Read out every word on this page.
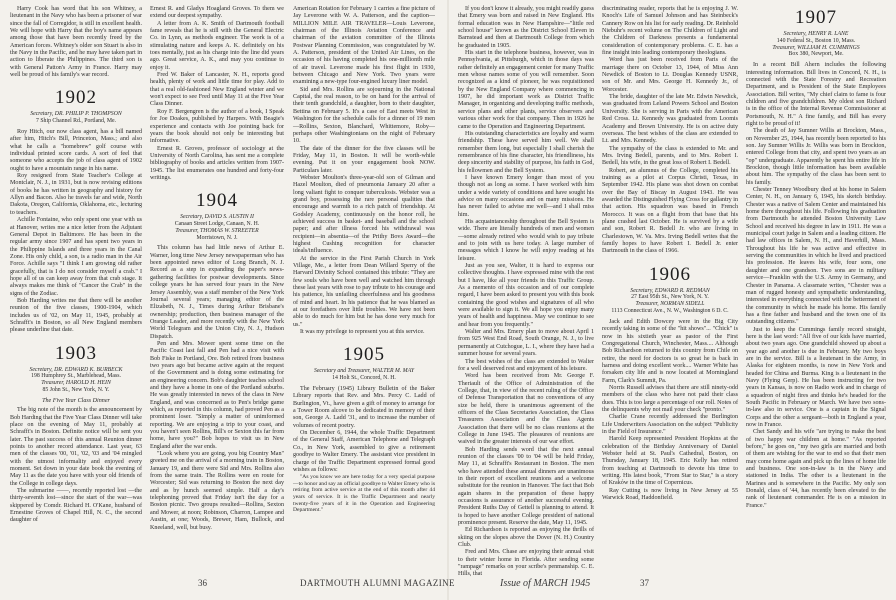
Harry Cook has word that his son Whitney, a lieutenant in the Navy who has been a prisoner of war since the fall of Corregidor, is still in excellent health. We will hope with Harry that the boy's name appears among those that have been recently freed by the American forces. Whitney's older son Stuart is also in the Navy in the Pacific, and he may have taken part in action to liberate the Philippines. The third son is with General Patton's Army in France. Harry may well be proud of his family's war record.

1902
Secretary, DR. PHILIP P. THOMPSON
7 Ship Channel Rd., Portland, Me.

Roy Hitch, our now class agent, has a bill named after him, Hitch's Bill, Princeton, Mass.; and also what he calls a "homebrew" golf course with individual printed score cards. A sort of feel that someone who accepts the job of class agent of 1902 ought to have a mountain range in his name.

Roy resigned from State Teacher's College at Montclair, N. J., in 1931, but is now revising editions of books he has written in geography and history for Allyn and Bacon. Also he travels far and wide, North Dakota, Oregon, California, Oklahoma, etc., lecturing to teachers.

Achille Fontaine, who only spent one year with us at Hanover, writes me a nice letter from the Adjutant General Depot in Baltimore. He has been in the regular army since 1907 and has spent two years in the Philippine Islands and three years in the Canal Zone. His only child, a son, is a radio man in the Air Force. Achille says "I think I am growing old rather gracefully, that is I do not consider myself a crab." I hope all of us can keep away from that crab stage. It always makes me think of "Cancer the Crab" in the signs of the Zodiac.

Bob Harding writes me that there will be another reunion of the five classes, 1900-1904, which includes us of '02, on May 11, 1945, probably at Schrafft's in Boston, so all New England members please underline that date.

1903
Secretary, DR. EDWARD K. BURBECK
198 Humphrey St., Marblehead, Mass.
Treasurer, HAROLD H. HEIN
85 John St., New York, N. Y.
The Five Year Class Dinner

The big note of the month is the announcement by Bob Harding that the Five Year Class Dinner will take place on the evening of May 11, probably at Schrafft's in Boston. Definite notice will be sent you later. The past success of this annual Reunion dinner points to another record attendance. Last year, 63 men of the classes '00, '01, '02, '03 and '04 mingled with the utmost informality and enjoyed every moment. Set down in your date book the evening of May 11 as the date you have with your old friends of the College in college days.

The submarine ——, recently reported lost —the thirty-seventh lost—since the start of the war—was skippered by Comdr. Richard H. O'Kane, husband of Ernestine Groves of Chapel Hill, N. C., the second daughter of

Ernest R. and Gladys Hoagland Groves. To them we extend our deepest sympathy.

A letter from A. K. Smith of Dartmouth football fame reveals that he is still with the General Electric Co. in Lynn, as methods engineer. The work is of a stimulating nature and keeps A. K. definitely on his toes mentally, just as his charge into the line did years ago. Great service, A. K., and may you continue to enjoy it.

Fred W. Baker of Lancaster, N. H., reports good health, plenty of work and little time for play. Add to that a real old-fashioned New England winter and we won't expect to see Fred until May 11 at the Five Year Class Dinner.

Roy F. Bergengren is the author of a book, I Speak for Joe Doakes, published by Harpers. With Beagie's experience and contacts with Joe pointing back for years the book should not only be interesting but informative.

Ernest R. Groves, professor of sociology at the University of North Carolina, has sent me a complete bibliography of books and articles written from 1907-1945. The list enumerates one hundred and forty-four writings.

1904
Secretary, DAVID S. AUSTIN II
Canaan Street Lodge, Canaan, N. H.
Treasurer, THOMAS W. STREETER
Morristown, N. J.

This column has had little news of Arthur E. Warner, long time New Jersey newspaperman who has been appointed news editor of Long Branch, N. J. Record as a step in expanding the paper's news-gathering facilities for postwar developments. Since college years he has served four years in the New Jersey Assembly, was a staff member of the New York Journal several years; managing editor of the Elizabeth, N. J., Times during Arthur Brisbane's ownership; production, then business manager of the Orange Leader, and more recently with the New York World Telegram and the Union City, N. J., Hudson Dispatch.

Pen and Mrs. Mower spent some time on the Pacific Coast last fall and Pen had a nice visit with Bob Fiske in Portland, Ore. Bob retired from business two years ago but became active again at the request of the Government and is doing some estimating for an engineering concern. Bob's daughter teaches school and they have a home in one of the Portland suburbs. He was greatly interested in news of the class in New England, and was concerned as to Pen's bridge game which, as reported in this column, had proved Pen as a prominent loser. "Simply a matter of unimformed reporting. We are enjoying a trip to your coast, and you haven't seen Rollins, Bill's or Sexton this far from home, have you?" Bob hopes to visit us in New England after the war ends.

"Look where you are going, you big Country Man" greeted me on the arrival of a morning train in Boston, January 19, and there were Sid and Mrs. Rollins also from the same train. The Rollins were en route for Worcester; Sid was returning to Boston the next day and as by hunch seemed simple. Half a day's telephoning proved that Friday isn't the day for a Boston picnic. Two groups resulted—Rollins, Sexton and Mower, at noon; Robinson, Charron, Lampee and Austin, at one; Woods, Brewer, Ham, Bullock, and Kneeland, well, but busy.

American Rotation for February 1 carries a fine picture of Jay Leverone with W. A. Patterson, and the caption—MILLION MILE AIR TRAVELER—Louis Leverone, chairman of the Illinois Aviation Conference and chairman of the aviation committee of the Illinois Postwar Planning Commission, was congratulated by W. A. Patterson, president of the United Air Lines, on the occasion of his having completed his one-millionth mile of air travel. Leverone made his first flight in 1930, between Chicago and New York. Two years were examining a new-type four-engined luxury liner model.

Sid and Mrs. Rollins are sojourning in the National Capital, the real reason, to be on hand for the arrival of their tenth grandchild, a daughter, born to their daughter, Bettina on February 5. It's a case of East meets West in Washington for the schedule calls for a dinner of 19 men—Rollins, Sexton, Blanchard, Whittemore, Roby—perhaps other Washingtonians on the night of February 10.

The date of the dinner for the five classes will be Friday, May 11, in Boston. It will be worth-while evening. Put it on your engagement book NOW. Particulars later.

Webster Moulton's three-year-old son of Gilman and Hazel Moulton, died of pneumonia January 20 after a long valiant fight to conquer tuberculosis. Webster was a grand boy, possessing the rare personal qualities that encourage and warmth to a rich patch of friendship. At Godsley Academy, continuously on the honor roll, he achieved success in basket- and baseball and the school paper; and after illness forced his withdrawal was recipient—in absentia—of the Prithy Bovs Award—the highest Cushing recognition for character ideals/influence.

At the service in the First Parish Church in York Village, Me., a letter from Dean Willard Sperry of the Harvard Divinity School contained this tribute: "They are few souls who have been well and watched him through these last years with rose to pay tribute to his courage and his patience, his unfailing cheerfulness and his goodness of mind and heart. In his patience that he was blamed as at our forefathers over little troubles. We have not been able to do much for him but he has done very much for us."

It was my privilege to represent you at this service.

1905
Secretary and Treasurer, WALTER M. MAY
14 Holt St., Concord, N. H.

The February (1945) Library Bulletin of the Baker Library reports that Rev. and Mrs. Percy C. Ladd of Burlington, Vt., have given a gift of money to arrange for a Tower Room alcove to be dedicated in memory of their son, George A. Ladd '31, and to increase the number of volumes of recent poetry.

On December 6, 1944, the whole Traffic Department of the General Staff, American Telephone and Telegraph Co., in New York, assembled to give a retirement goodbye to Walter Emery. The assistant vice president in charge of the Traffic Department expressed formal good wishes as follows:

"As you know we are here today for a very special purpose—to honor and say an official goodbye to Walter Emery who is retiring from active service at the end of this month after 44 years of service. It is the Traffic Department and nearly twenty-five years of it in the Operation and Engineering Department."

If you don't know it already, you might readily guess that Emery was born and raised in New England. His formal education was in New Hampshire—"little red school house" known as the District School Eleven in Barnstead and then at Dartmouth College from which he graduated in 1905.

His start in the telephone business, however, was in Pennsylvania, at Pittsburgh, which in those days was rather definitely an engagement center for many Traffic men whose names some of you will remember. Soon recognized as a kind of pioneer, he was requisitioned by the New England Company where commencing in 1907, he did important work as District Traffic Manager, in organizing and developing traffic methods, service plans and other plants, service observers and various other work for that company. Then in 1926 he came to the Operation and Engineering Department.

His outstanding characteristics are loyalty and warm friendship. These have served him well. We shall remember them long, but especially I shall cherish the remembrance of his fine character, his friendliness, his deep sincerity and stability of purpose, his faith in God, his fellowmen and the Bell System.

I have known Emery longer than most of you though not as long as some. I have worked with him under a wide variety of conditions and have sought his advice on many occasions and on many missions. He has never failed to advise me well—and I shall miss him.

His acquaintanceship throughout the Bell System is wide. There are literally hundreds of men and women—some already retired who would wish to pay tribute and to join with us here today. A large number of messages which I know he will enjoy reading at his leisure.

Just as you see, Walter, it is hard to express our collective thoughts. I have expressed mine with the rest but I have, like all your friends in this Traffic Group. As a memento of this occasion and of our complete regard, I have been asked to present you with this book containing the good wishes and signatures of all who were available to sign it. We all hope you enjoy many years of health and happiness. May we continue to see and hear from you frequently."

Walter and Mrs. Emery plan to move about April 1 from 925 West End Road, South Orange, N. J., to live permanently at Cutchogue, L. I., where they have had a summer house for several years.

The best wishes of the class are extended to Walter for a well deserved rest and enjoyment of his leisure.

Word has been received from Mr. George F. Theriault of the Office of Administration of the College, that, in view of the recent ruling of the Office of Defense Transportation that no conventions of any size be held, there is unanimous agreement of the officers of the Class Secretaries Association, the Class Treasurers Association and the Class Agents Association that there will be no class reunions at the College in June 1945. The pleasures of reunions are waived in the greater interests of our war effort.

Bob Harding sends word that the next annual reunion of the classes '00 to '04 will be held Friday, May 11, at Schrafft's Restaurant in Boston. The men who have attended these annual dinners are unanimous in their report of excellent reunions and a welcome substitute for the reunion in Hanover. The fact that Bob again shares in the preparation of these happy occasions is assurance of another successful evening. President Ruths Day of Gettell is planning to attend. It is hoped to have another College president of national prominence present. Reserve the date, May 11, 1945.

Ed Richardson is reported as enjoying the thrills of skiing on the slopes above the Dover (N. H.) Country Club.

Fred and Mrs. Chase are enjoying their annual visit to their winter home in Florida. After sending some "rampage" remarks on your scribe's penmanship. C. E. Hills, that

discriminating reader, reports that he is enjoying J. W. Knoch's Life of Samuel Johnson and has Steinbeck's Cannery Row on his list for early reading. Dr. Reinhold Niebuhr's recent volume on The Children of Light and the Children of Darkness presents a fundamental consideration of contemporary problems. C. E. has a fine insight into leading contemporary theologians.

Word has just been received from Paris of the marriage there on October 13, 1944, of Miss Ann Newdick of Boston to Lt. Douglas Kennedy USNR, son of Mr. and Mrs. George H. Kennedy Jr., of Worcester.

The bride, daughter of the late Mr. Edwin Newdick, was graduated from Leland Powers School and Boston University. She is serving in Paris with the American Red Cross. Lt. Kennedy was graduated from Loomis Academy and Brown University. He is on active duty overseas. The best wishes of the class are extended to Lt. and Mrs. Kennedy.

The sympathy of the class is extended to Mr. and Mrs. Irving Bedell, parents, and to Mrs. Robert I. Bedell, his wife, in the great loss of Robert I. Bedell.

Robert, an alumnus of the College, completed his training as a pilot at Corpus Christi, Texas, in September 1942. His plane was shot down on combat over the Bay of Biscay in August 1943. He was awarded the Distinguished Flying Cross for gallantry in that action. His squadron was based in French Morocco. It was on a flight from that base that his plane crashed last October. He is survived by a wife and son, Robert R. Bedell Jr. who are living in Charlestown, W. Va. Mrs. Irving Bedell writes that the family hopes to have Robert I. Bedell Jr. enter Dartmouth in the class of 1966.

1906
Secretary, EDWARD R. REDMAN
27 East 95th St., New York, N. Y.
Treasurer, NORMAN SIDELL
1113 Connecticut Ave., N. W., Washington 6 D. C.

Jack and Edith Dowcey were in the Big City recently taking in some of the "hit shows"... "Chick" is now in his sixtieth year as pastor of the First Congregational Church, Winchester, Mass.... Although Bob Richardson returned to this country from Chile on retire, the need for doctors is so great he is back in harness and doing excellent work.... Warner White has forsaken city life and is now located at Morningland Farm, Clark's Summit, Pa.

Norris Russell advises that there are still ninety-odd members of the class who have not paid their class dues. This is too large a percentage of our roll. Notes of the delinquents why not mail your check "pronto."

Charlie Crane recently addressed the Burlington Life Underwriters Association on the subject "Publicity in the Field of Insurance."

Harold Keep represented President Hopkins at the celebration of the Birthday Anniversary of Daniel Webster held at St. Paul's Cathedral, Boston, on Thursday, January 18, 1945. Eric Kelly has retired from teaching at Dartmouth to devote his time to writing. His latest book, "From Star to Star," is a story of Kraków in the time of Copernicus.

Ray Cutting is now living in New Jersey at 55 Warwick Road, Haddonfield.

1907
Secretary, HENRY R. LANE
140 Federal St., Boston 10, Mass.
Treasurer, WILLIAM H. CUMMINGS
Box 380, Newport, Me.

In a recent Bill Ahern includes the following interesting information. Bill lives in Concord, N. H., is connected with the State Forestry and Recreation Department, and is President of the State Employees Association. Bill writes, "My chief claim to fame is four children and five grandchildren. My oldest son Richard is in the office of the Internal Revenue Commissioner at Portsmouth, N. H." A fine family, and Bill has every right to be proud of it!

The death of Jay Sumner Willis at Brockton, Mass., on November 25, 1944, has recently been reported to his son. Jay Sumner Willis Jr. Willis was born in Brockton, entered College from that city, and spent two years as an "op" undergraduate. Apparently he spent his entire life in Brockton, though little information has been available about him. The sympathy of the class has been sent to his family.

Chester Tenney Woodbury died at his home in Salem Center, N. H., on January 6, 1945, his sketch birthday. Chester was a native of Salem Center and maintained his home there throughout his life. Following his graduation from Dartmouth he attended Boston University Law School and received his degree in law in 1911. He was a municipal court judge in Salem and a leading citizen. He had law offices in Salem, N. H., and Haverhill, Mass. Throughout his life he was active and effective in serving the communities in which he lived and practiced his profession. He leaves his wife, four sons, one daughter and one grandson. Two sons are in military service—Franklin with the U.S. Army in Germany, and Chester in Panama. A classmate writes, "Chester was a man of rugged honesty and sympathetic understanding, interested in everything connected with the betterment of the community in which he made his home. His family has a fine father and husband and the town one of its outstanding citizens."

Just to keep the Cummings family record straight, here is the last word: "All five of our kids have married, about two years ago. One grandchild showed up about a year ago and another is due in February. My two boys are in the service. Bill is a lieutenant in the Army, in Alaska for eighteen months, is now in New York and headed for China and Burma. King is a lieutenant in the Navy (Flying Gerp). He has been instructing for two years in Kansas, is now on Radio work and in charge of a squadron of night fires and thinks he's headed for the South Pacific in February or March. We have two sons-in-law also in service. One is a captain in the Signal Corps and the other a sergeant—both in England a year, now in France.

Chet Sandy and his wife "are trying to make the best of two happy war children at home." "As reported before," he goes on, "my two girls are married and both of them are wishing for the war to end so that their men may come home again and pick up the lines of home life and business. One son-in-law is in the Navy and stationed in India. The other is a lieutenant in the Marines and is somewhere in the Pacific. My only son Donald, class of '44, has recently been elevated to the rank of lieutenant commander. He is on a mission in France."

36	DARTMOUTH ALUMNI MAGAZINE	Issue of MARCH 1945	37
